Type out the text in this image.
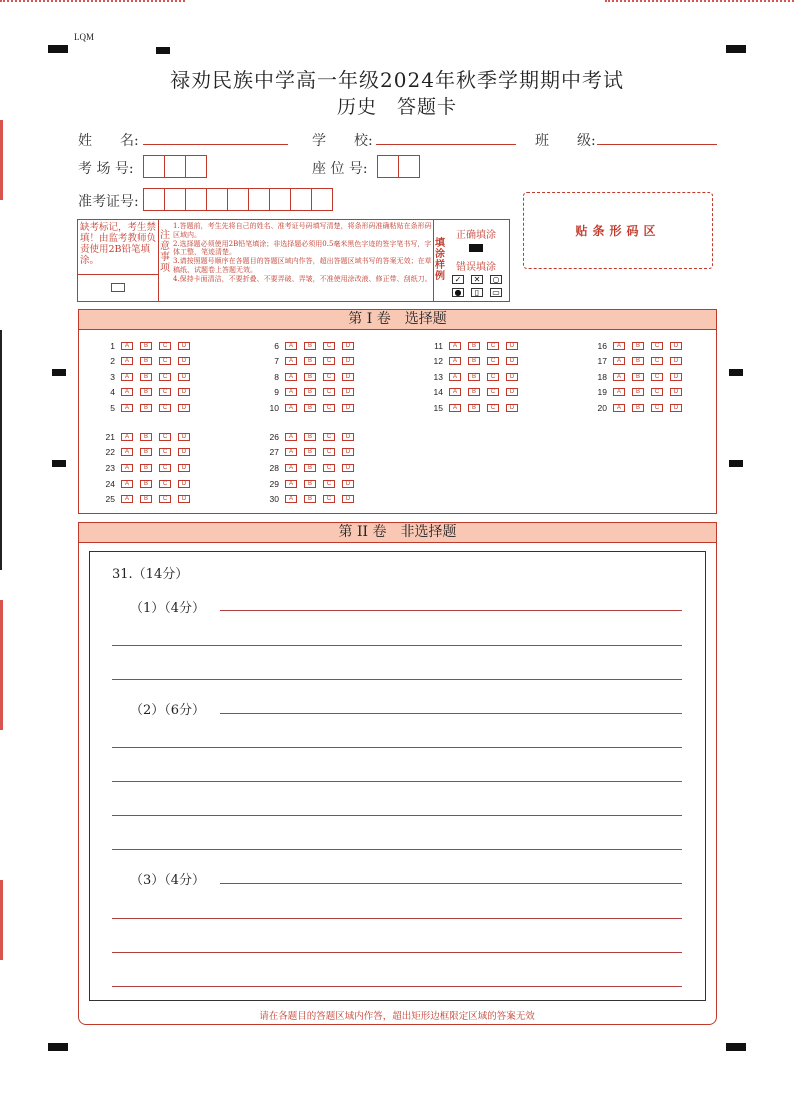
LQM
禄劝民族中学高一年级2024年秋季学期期中考试
历史　答题卡
姓　　名:	学　　校:	班　　级:
考 场 号:	座 位 号:
准考证号:
贴条形码区
缺考标记，考生禁填！由监考教师负责使用2B铅笔填涂。
注意事项
1.答题前，考生先将自己的姓名、准考证号码填写清楚，将条形码准确粘贴在条形码区域内。
2.选择题必须使用2B铅笔填涂；非选择题必须用0.5毫米黑色字迹的签字笔书写，字体工整，笔迹清楚。
3.请按照题号顺序在各题目的答题区域内作答，超出答题区域书写的答案无效；在草稿纸、试题卷上答题无效。
4.保持卡面清洁，不要折叠、不要弄破、弄皱，不准使用涂改液、修正带、刮纸刀。
填涂样例
正确填涂
错误填涂
✓	✕	○
●	▯	▭
第 I 卷　选择题
1	A	B	C	D
2	A	B	C	D
3	A	B	C	D
4	A	B	C	D
5	A	B	C	D
6	A	B	C	D
7	A	B	C	D
8	A	B	C	D
9	A	B	C	D
10	A	B	C	D
11	A	B	C	D
12	A	B	C	D
13	A	B	C	D
14	A	B	C	D
15	A	B	C	D
16	A	B	C	D
17	A	B	C	D
18	A	B	C	D
19	A	B	C	D
20	A	B	C	D
21	A	B	C	D
22	A	B	C	D
23	A	B	C	D
24	A	B	C	D
25	A	B	C	D
26	A	B	C	D
27	A	B	C	D
28	A	B	C	D
29	A	B	C	D
30	A	B	C	D
第 II 卷　非选择题
31.（14分）
（1）（4分）
（2）（6分）
（3）（4分）
请在各题目的答题区域内作答，超出矩形边框限定区域的答案无效
